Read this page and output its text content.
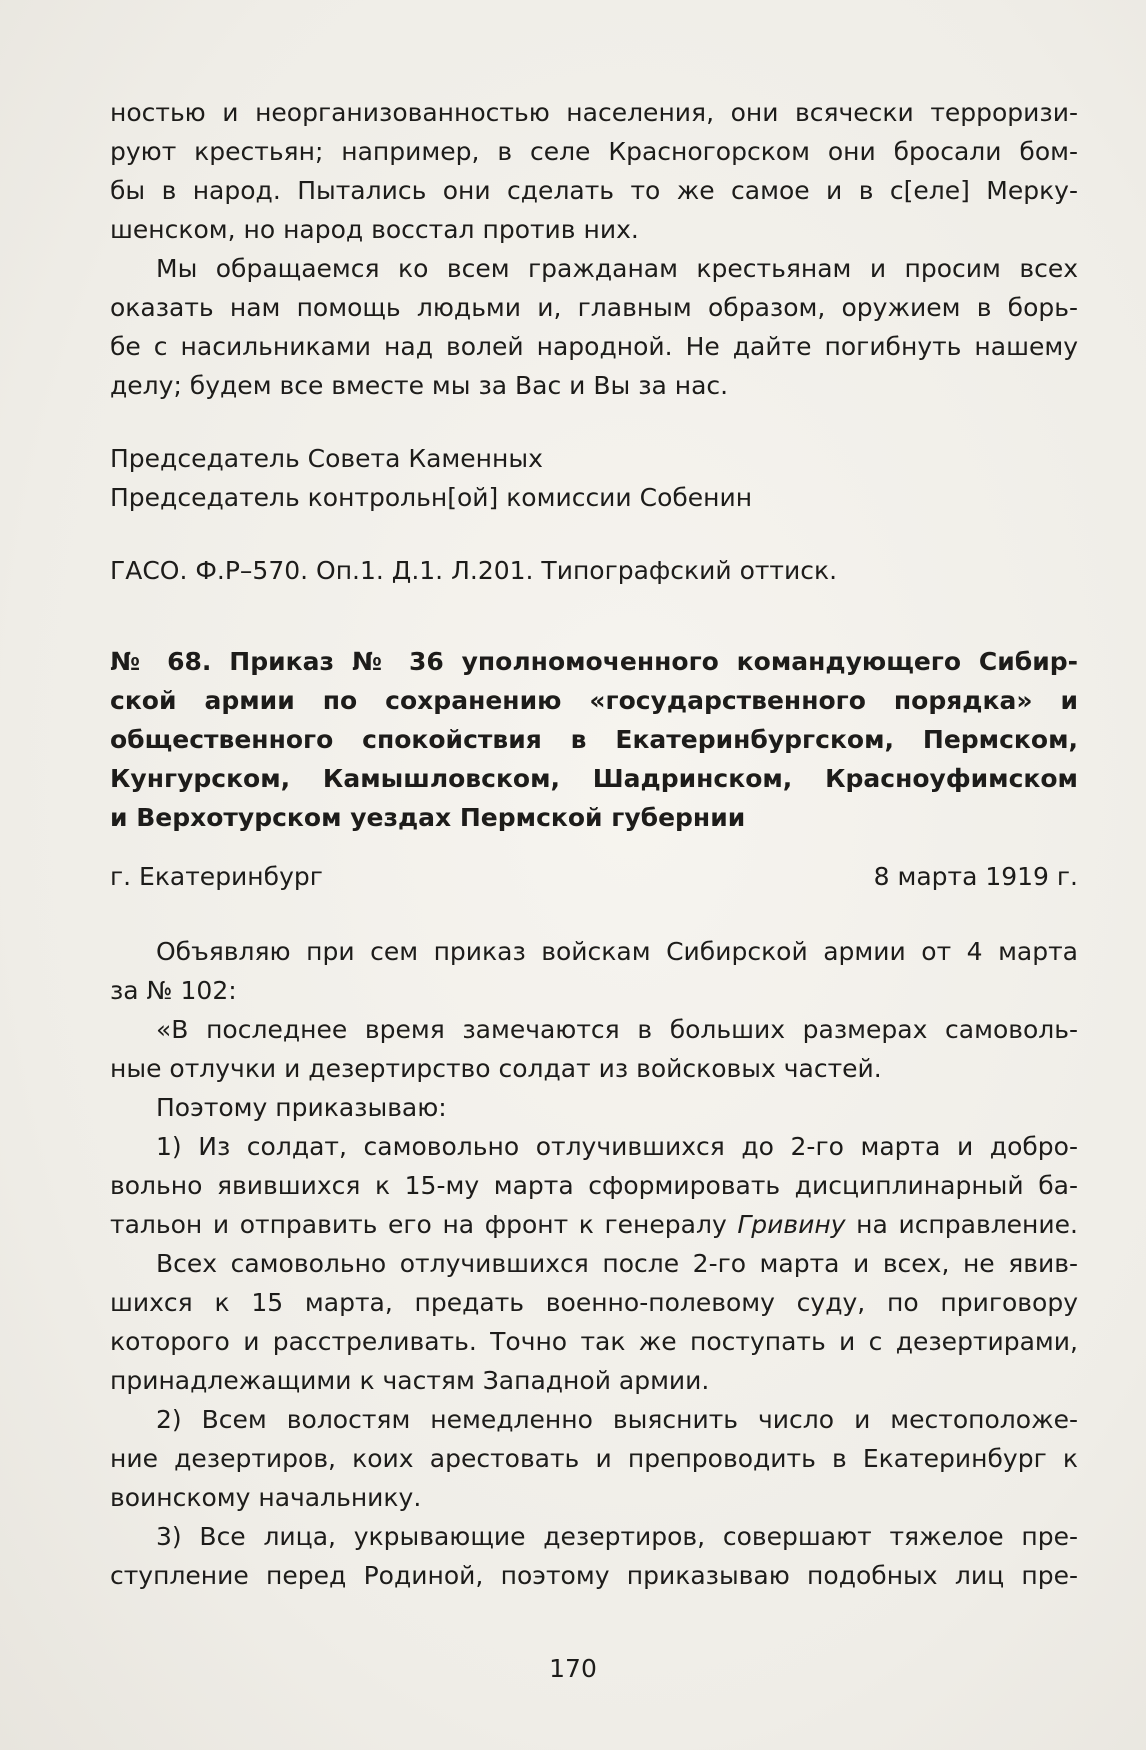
ностью и неорганизованностью населения, они всячески терроризи-
руют крестьян; например, в селе Красногорском они бросали бом-
бы в народ. Пытались они сделать то же самое и в с[еле] Мерку-
шенском, но народ восстал против них.
Мы обращаемся ко всем гражданам крестьянам и просим всех
оказать нам помощь людьми и, главным образом, оружием в борь-
бе с насильниками над волей народной. Не дайте погибнуть нашему
делу; будем все вместе мы за Вас и Вы за нас.
Председатель Совета Каменных
Председатель контрольн[ой] комиссии Собенин
ГАСО. Ф.Р–570. Оп.1. Д.1. Л.201. Типографский оттиск.
№ 68. Приказ № 36 уполномоченного командующего Сибир-
ской армии по сохранению «государственного порядка» и
общественного спокойствия в Екатеринбургском, Пермском,
Кунгурском, Камышловском, Шадринском, Красноуфимском
и Верхотурском уездах Пермской губернии
г. Екатеринбург	8 марта 1919 г.
Объявляю при сем приказ войскам Сибирской армии от 4 марта
за № 102:
«В последнее время замечаются в больших размерах самоволь-
ные отлучки и дезертирство солдат из войсковых частей.
Поэтому приказываю:
1) Из солдат, самовольно отлучившихся до 2-го марта и добро-
вольно явившихся к 15-му марта сформировать дисциплинарный ба-
тальон и отправить его на фронт к генералу Гривину на исправление.
Всех самовольно отлучившихся после 2-го марта и всех, не явив-
шихся к 15 марта, предать военно-полевому суду, по приговору
которого и расстреливать. Точно так же поступать и с дезертирами,
принадлежащими к частям Западной армии.
2) Всем волостям немедленно выяснить число и местоположе-
ние дезертиров, коих арестовать и препроводить в Екатеринбург к
воинскому начальнику.
3) Все лица, укрывающие дезертиров, совершают тяжелое пре-
ступление перед Родиной, поэтому приказываю подобных лиц пре-
170
